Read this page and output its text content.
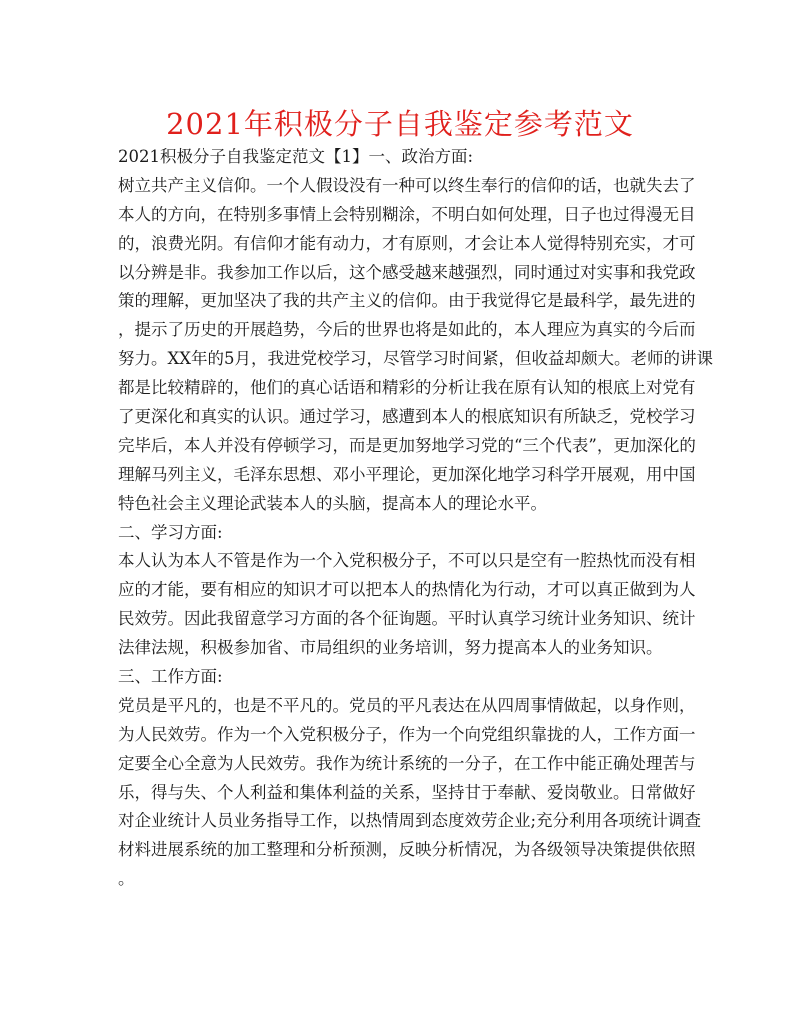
2021年积极分子自我鉴定参考范文
2021积极分子自我鉴定范文【1】一、政治方面:
树立共产主义信仰。一个人假设没有一种可以终生奉行的信仰的话，也就失去了
本人的方向，在特别多事情上会特别糊涂，不明白如何处理，日子也过得漫无目
的，浪费光阴。有信仰才能有动力，才有原则，才会让本人觉得特别充实，才可
以分辨是非。我参加工作以后，这个感受越来越强烈，同时通过对实事和我党政
策的理解，更加坚决了我的共产主义的信仰。由于我觉得它是最科学，最先进的
，提示了历史的开展趋势，今后的世界也将是如此的，本人理应为真实的今后而
努力。XX年的5月，我进党校学习，尽管学习时间紧，但收益却颇大。老师的讲课
都是比较精辟的，他们的真心话语和精彩的分析让我在原有认知的根底上对党有
了更深化和真实的认识。通过学习，感遭到本人的根底知识有所缺乏，党校学习
完毕后，本人并没有停顿学习，而是更加努地学习党的“三个代表”，更加深化的
理解马列主义，毛泽东思想、邓小平理论，更加深化地学习科学开展观，用中国
特色社会主义理论武装本人的头脑，提高本人的理论水平。
二、学习方面:
本人认为本人不管是作为一个入党积极分子，不可以只是空有一腔热忱而没有相
应的才能，要有相应的知识才可以把本人的热情化为行动，才可以真正做到为人
民效劳。因此我留意学习方面的各个征询题。平时认真学习统计业务知识、统计
法律法规，积极参加省、市局组织的业务培训，努力提高本人的业务知识。
三、工作方面:
党员是平凡的，也是不平凡的。党员的平凡表达在从四周事情做起，以身作则，
为人民效劳。作为一个入党积极分子，作为一个向党组织靠拢的人，工作方面一
定要全心全意为人民效劳。我作为统计系统的一分子，在工作中能正确处理苦与
乐，得与失、个人利益和集体利益的关系，坚持甘于奉献、爱岗敬业。日常做好
对企业统计人员业务指导工作，以热情周到态度效劳企业;充分利用各项统计调查
材料进展系统的加工整理和分析预测，反映分析情况，为各级领导决策提供依照
。
